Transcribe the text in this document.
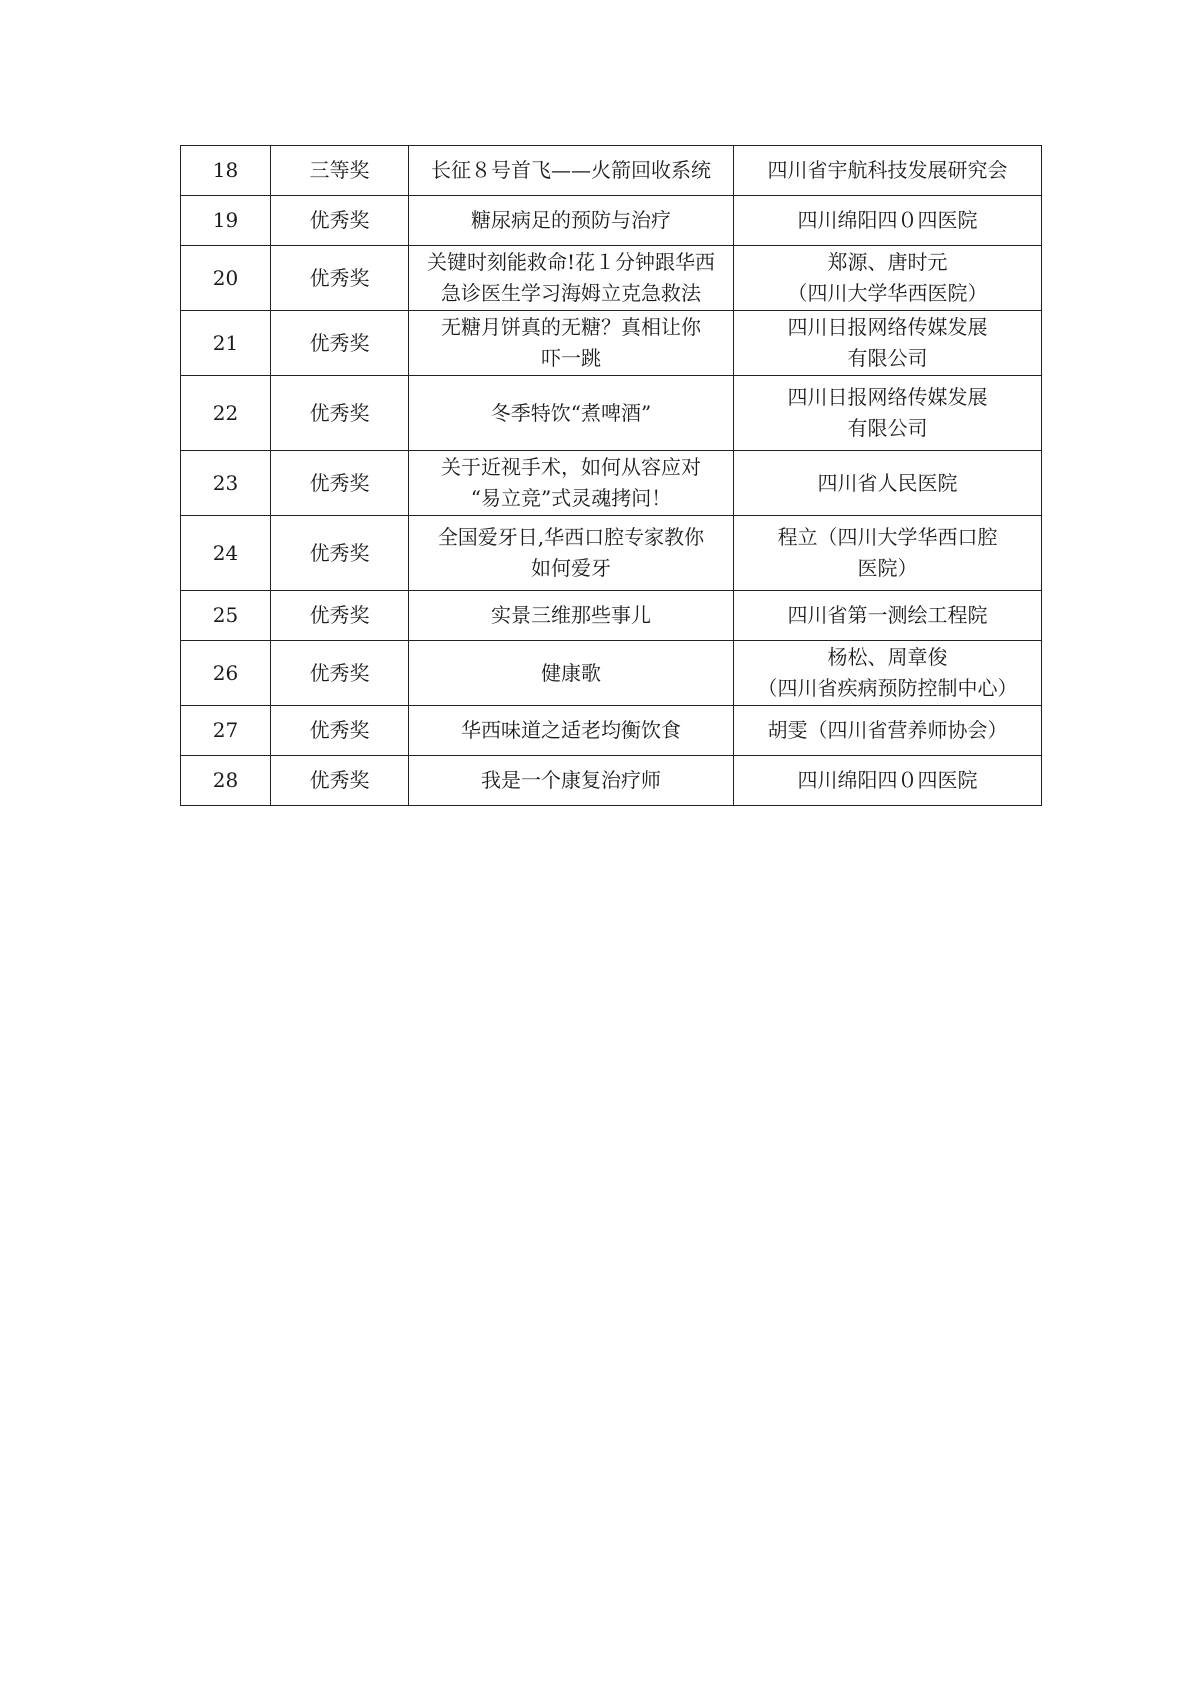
18	三等奖	长征８号首飞——火箭回收系统	四川省宇航科技发展研究会

19	优秀奖	糖尿病足的预防与治疗	四川绵阳四０四医院

20	优秀奖	关键时刻能救命!花１分钟跟华西
急诊医生学习海姆立克急救法	郑源、唐时元
（四川大学华西医院）

21	优秀奖	无糖月饼真的无糖？真相让你
吓一跳	四川日报网络传媒发展
有限公司

22	优秀奖	冬季特饮“煮啤酒”	四川日报网络传媒发展
有限公司

23	优秀奖	关于近视手术，如何从容应对
“易立竞”式灵魂拷问！	四川省人民医院

24	优秀奖	全国爱牙日,华西口腔专家教你
如何爱牙	程立（四川大学华西口腔
医院）

25	优秀奖	实景三维那些事儿	四川省第一测绘工程院

26	优秀奖	健康歌	杨松、周章俊
（四川省疾病预防控制中心）

27	优秀奖	华西味道之适老均衡饮食	胡雯（四川省营养师协会）

28	优秀奖	我是一个康复治疗师	四川绵阳四０四医院
